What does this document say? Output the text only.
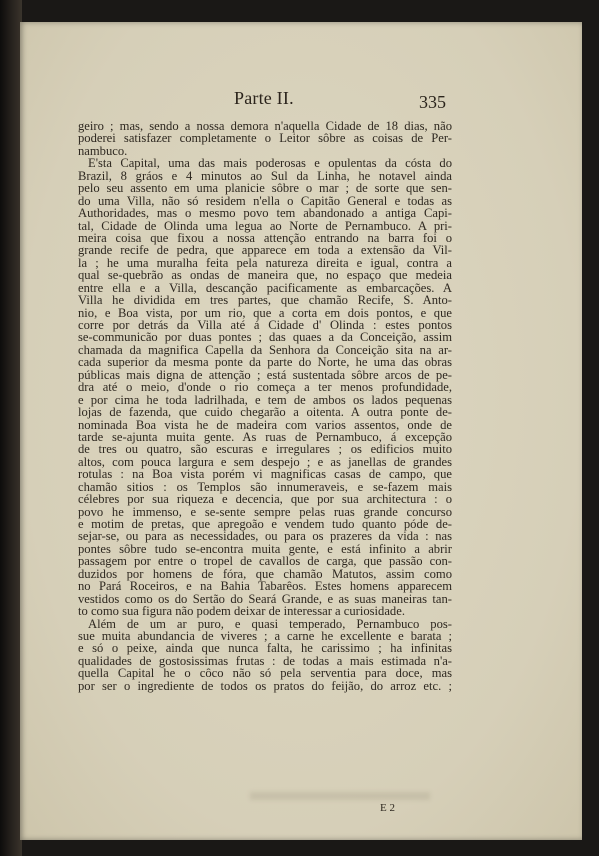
Parte II.	335
geiro ; mas, sendo a nossa demora n'aquella Cidade de 18 dias, não
poderei satisfazer completamente o Leitor sôbre as coisas de Per-
nambuco.
E'sta Capital, uma das mais poderosas e opulentas da cósta do
Brazil, 8 gráos e 4 minutos ao Sul da Linha, he notavel ainda
pelo seu assento em uma planicie sôbre o mar ; de sorte que sen-
do uma Villa, não só residem n'ella o Capitão General e todas as
Authoridades, mas o mesmo povo tem abandonado a antiga Capi-
tal, Cidade de Olinda uma legua ao Norte de Pernambuco. A pri-
meira coisa que fixou a nossa attenção entrando na barra foi o
grande recife de pedra, que apparece em toda a extensão da Vil-
la ; he uma muralha feita pela natureza direita e igual, contra a
qual se-quebrão as ondas de maneira que, no espaço que medeia
entre ella e a Villa, descanção pacificamente as embarcações. A
Villa he dividida em tres partes, que chamão Recife, S. Anto-
nio, e Boa vista, por um rio, que a corta em dois pontos, e que
corre por detrás da Villa até á Cidade d' Olinda : estes pontos
se-communicão por duas pontes ; das quaes a da Conceição, assim
chamada da magnifica Capella da Senhora da Conceição sita na ar-
cada superior da mesma ponte da parte do Norte, he uma das obras
públicas mais digna de attenção ; está sustentada sôbre arcos de pe-
dra até o meio, d'onde o rio começa a ter menos profundidade,
e por cima he toda ladrilhada, e tem de ambos os lados pequenas
lojas de fazenda, que cuido chegarão a oitenta. A outra ponte de-
nominada Boa vista he de madeira com varios assentos, onde de
tarde se-ajunta muita gente. As ruas de Pernambuco, á excepção
de tres ou quatro, são escuras e irregulares ; os edificios muito
altos, com pouca largura e sem despejo ; e as janellas de grandes
rotulas : na Boa vista porém vi magnificas casas de campo, que
chamão sitios : os Templos são innumeraveis, e se-fazem mais
célebres por sua riqueza e decencia, que por sua architectura : o
povo he immenso, e se-sente sempre pelas ruas grande concurso
e motim de pretas, que apregoão e vendem tudo quanto póde de-
sejar-se, ou para as necessidades, ou para os prazeres da vida : nas
pontes sôbre tudo se-encontra muita gente, e está infinito a abrir
passagem por entre o tropel de cavallos de carga, que passão con-
duzidos por homens de fóra, que chamão Matutos, assim como
no Pará Roceiros, e na Bahia Tabarêos. Estes homens apparecem
vestidos como os do Sertão do Seará Grande, e as suas maneiras tan-
to como sua figura não podem deixar de interessar a curiosidade.
Além de um ar puro, e quasi temperado, Pernambuco pos-
sue muita abundancia de viveres ; a carne he excellente e barata ;
e só o peixe, ainda que nunca falta, he carissimo ; ha infinitas
qualidades de gostosissimas frutas : de todas a mais estimada n'a-
quella Capital he o côco não só pela serventia para doce, mas
por ser o ingrediente de todos os pratos do feijão, do arroz etc. ;
E 2
